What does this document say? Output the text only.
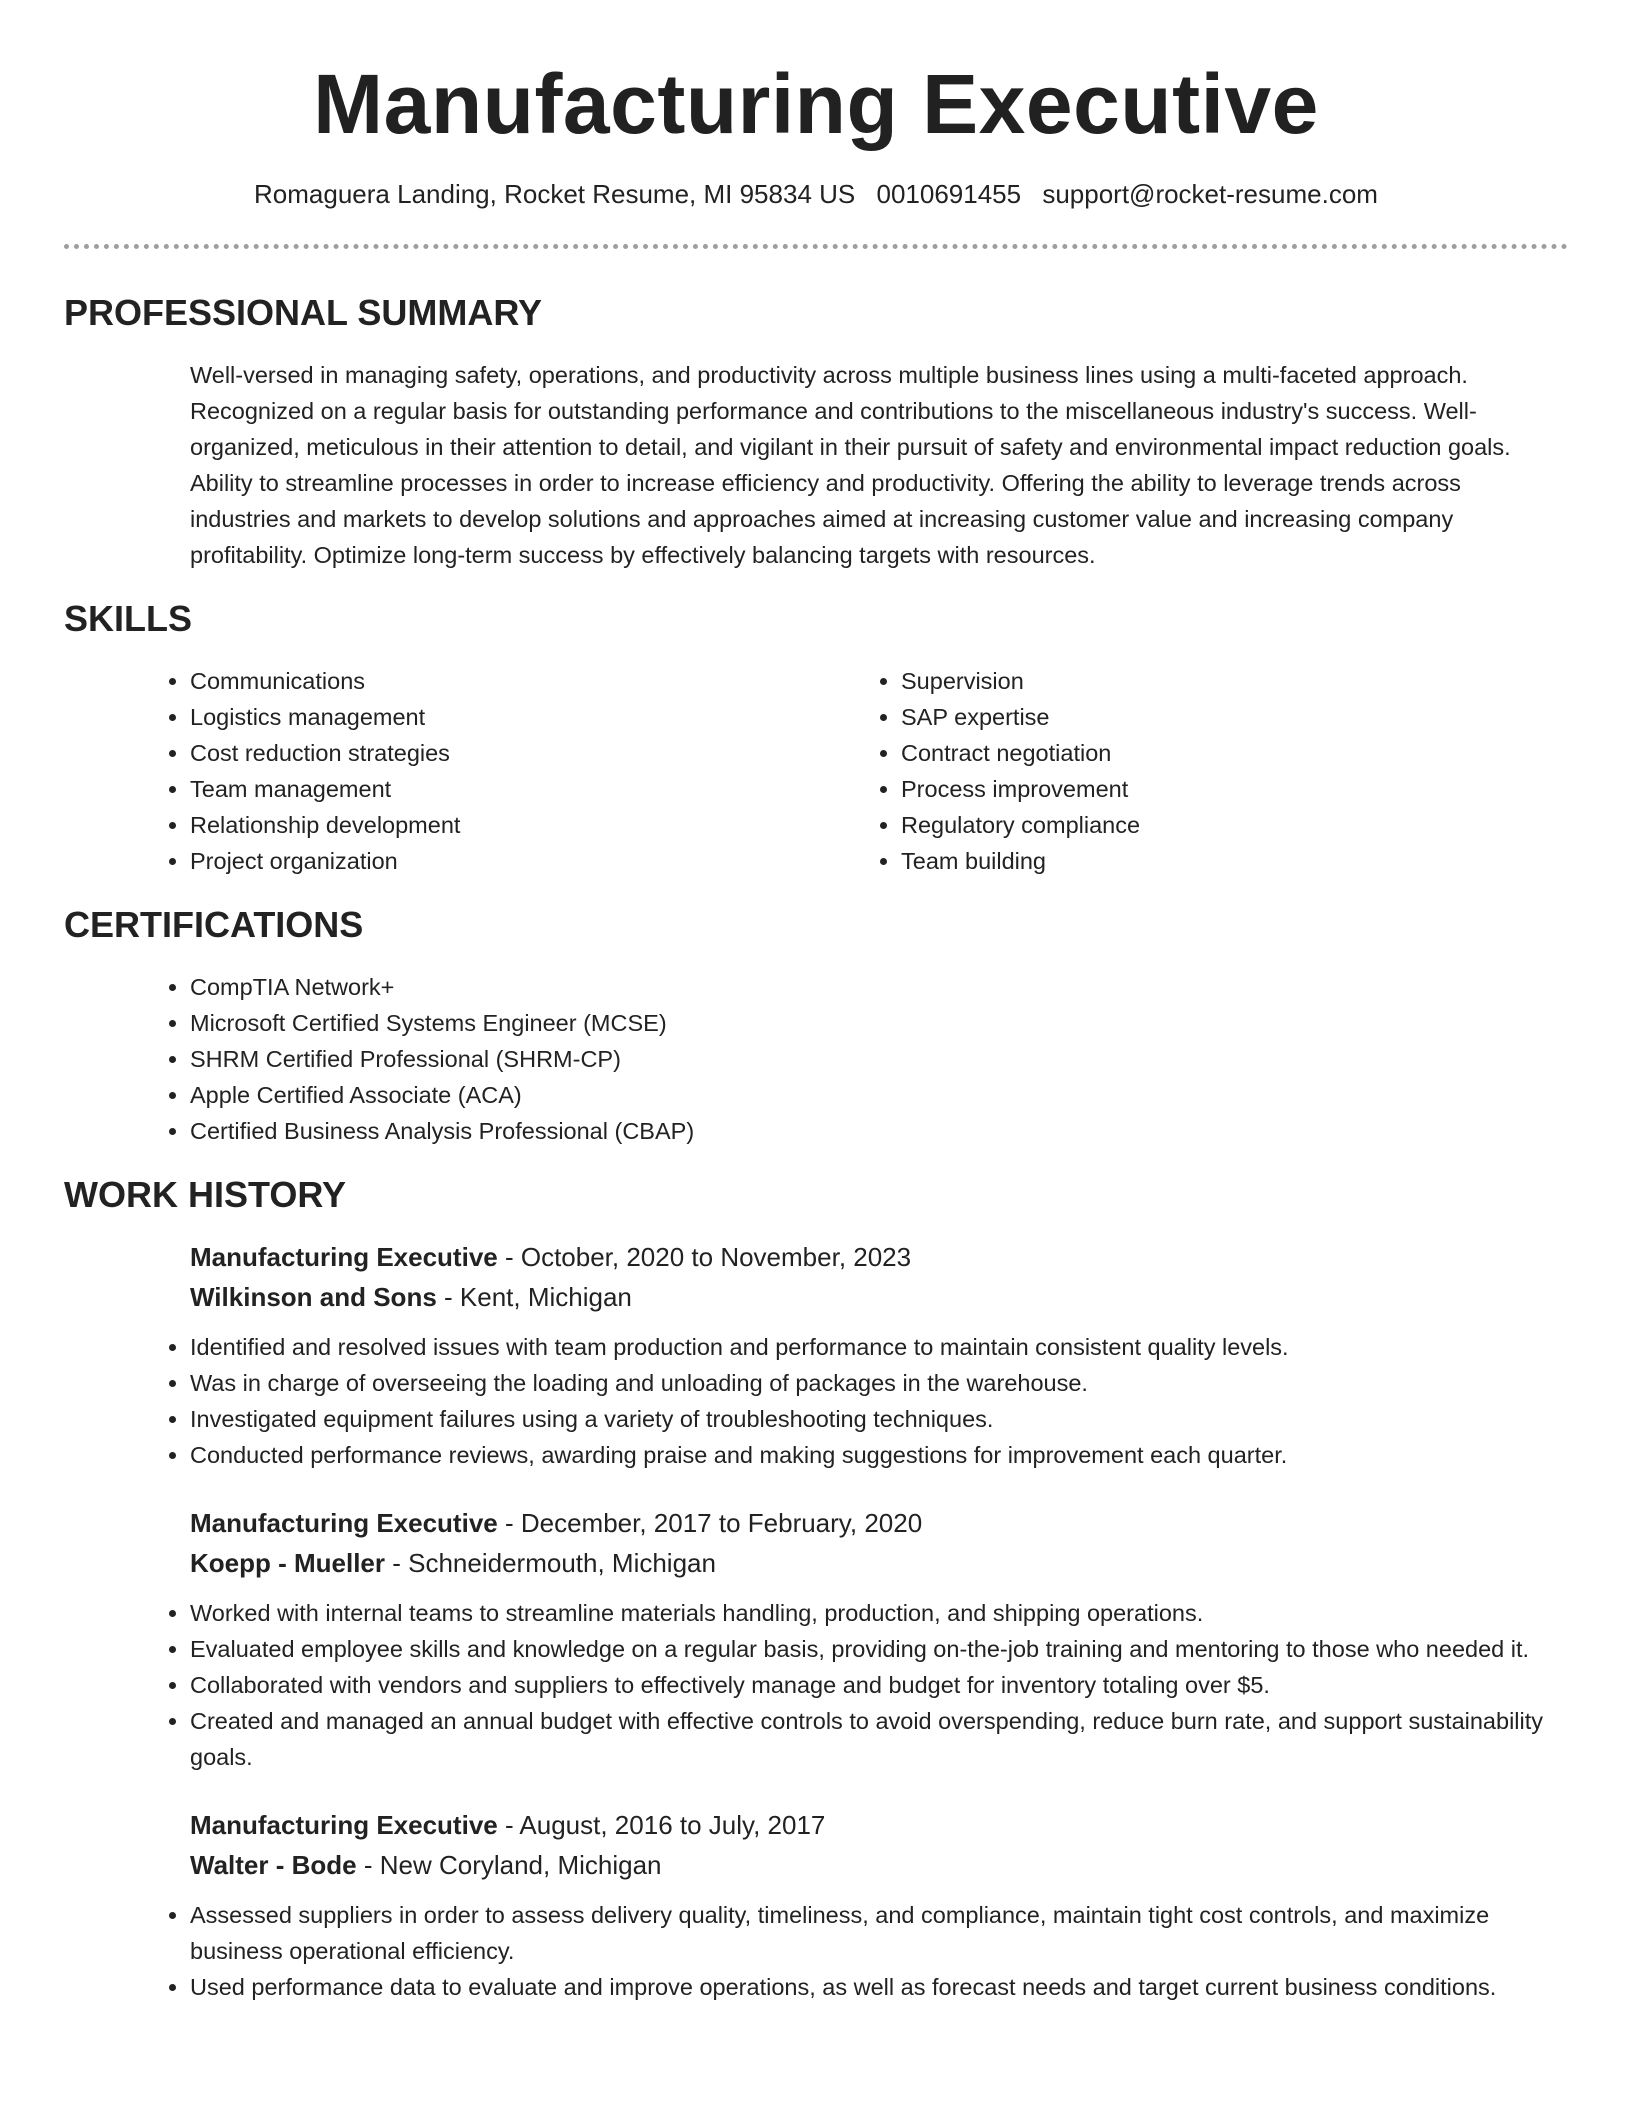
Manufacturing Executive
Romaguera Landing, Rocket Resume, MI 95834 US 0010691455 support@rocket-resume.com
PROFESSIONAL SUMMARY

Well-versed in managing safety, operations, and productivity across multiple business lines using a multi-faceted approach. Recognized on a regular basis for outstanding performance and contributions to the miscellaneous industry's success. Well-organized, meticulous in their attention to detail, and vigilant in their pursuit of safety and environmental impact reduction goals. Ability to streamline processes in order to increase efficiency and productivity. Offering the ability to leverage trends across industries and markets to develop solutions and approaches aimed at increasing customer value and increasing company profitability. Optimize long-term success by effectively balancing targets with resources.

SKILLS
• Communications
• Logistics management
• Cost reduction strategies
• Team management
• Relationship development
• Project organization
• Supervision
• SAP expertise
• Contract negotiation
• Process improvement
• Regulatory compliance
• Team building
CERTIFICATIONS
• CompTIA Network+
• Microsoft Certified Systems Engineer (MCSE)
• SHRM Certified Professional (SHRM-CP)
• Apple Certified Associate (ACA)
• Certified Business Analysis Professional (CBAP)
WORK HISTORY
Manufacturing Executive - October, 2020 to November, 2023
Wilkinson and Sons - Kent, Michigan
• Identified and resolved issues with team production and performance to maintain consistent quality levels.
• Was in charge of overseeing the loading and unloading of packages in the warehouse.
• Investigated equipment failures using a variety of troubleshooting techniques.
• Conducted performance reviews, awarding praise and making suggestions for improvement each quarter.
Manufacturing Executive - December, 2017 to February, 2020
Koepp - Mueller - Schneidermouth, Michigan
• Worked with internal teams to streamline materials handling, production, and shipping operations.
• Evaluated employee skills and knowledge on a regular basis, providing on-the-job training and mentoring to those who needed it.
• Collaborated with vendors and suppliers to effectively manage and budget for inventory totaling over $5.
• Created and managed an annual budget with effective controls to avoid overspending, reduce burn rate, and support sustainability goals.
Manufacturing Executive - August, 2016 to July, 2017
Walter - Bode - New Coryland, Michigan
• Assessed suppliers in order to assess delivery quality, timeliness, and compliance, maintain tight cost controls, and maximize business operational efficiency.
• Used performance data to evaluate and improve operations, as well as forecast needs and target current business conditions.
